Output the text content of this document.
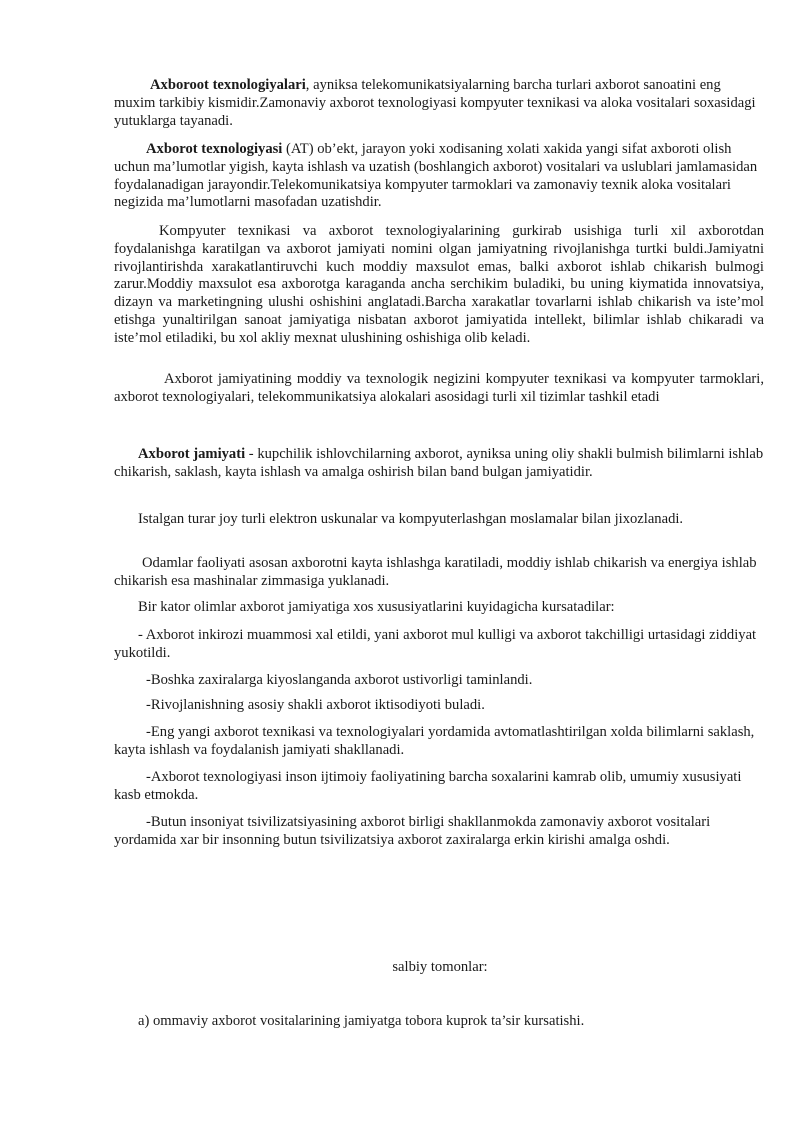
Axboroot texnologiyalari, ayniksa telekomunikatsiyalarning barcha turlari axborot sanoatini eng muxim tarkibiy kismidir.Zamonaviy axborot texnologiyasi kompyuter texnikasi va aloka vositalari soxasidagi yutuklarga tayanadi.

Axborot texnologiyasi (AT) ob’ekt, jarayon yoki xodisaning xolati xakida yangi sifat axboroti olish uchun ma’lumotlar yigish, kayta ishlash va uzatish (boshlangich axborot) vositalari va uslublari jamlamasidan foydalanadigan jarayondir.Telekomunikatsiya kompyuter tarmoklari va zamonaviy texnik aloka vositalari negizida ma’lumotlarni masofadan uzatishdir.

Kompyuter texnikasi va axborot texnologiyalarining gurkirab usishiga turli xil axborotdan foydalanishga karatilgan va axborot jamiyati nomini olgan jamiyatning rivojlanishga turtki buldi.Jamiyatni rivojlantirishda xarakatlantiruvchi kuch moddiy maxsulot emas, balki axborot ishlab chikarish bulmogi zarur.Moddiy maxsulot esa axborotga karaganda ancha serchikim buladiki, bu uning kiymatida innovatsiya, dizayn va marketingning ulushi oshishini anglatadi.Barcha xarakatlar tovarlarni ishlab chikarish va iste’mol etishga yunaltirilgan sanoat jamiyatiga nisbatan axborot jamiyatida intellekt, bilimlar ishlab chikaradi va iste’mol etiladiki, bu xol akliy mexnat ulushining oshishiga olib keladi.

Axborot jamiyatining moddiy va texnologik negizini kompyuter texnikasi va kompyuter tarmoklari, axborot texnologiyalari, telekommunikatsiya alokalari asosidagi turli xil tizimlar tashkil etadi

Axborot jamiyati - kupchilik ishlovchilarning axborot, ayniksa uning oliy shakli bulmish bilimlarni ishlab chikarish, saklash, kayta ishlash va amalga oshirish bilan band bulgan jamiyatidir.

Istalgan turar joy turli elektron uskunalar va kompyuterlashgan moslamalar bilan jixozlanadi.

Odamlar faoliyati asosan axborotni kayta ishlashga karatiladi, moddiy ishlab chikarish va energiya ishlab chikarish esa mashinalar zimmasiga yuklanadi.

Bir kator olimlar axborot jamiyatiga xos xususiyatlarini kuyidagicha kursatadilar:

- Axborot inkirozi muammosi xal etildi, yani axborot mul kulligi va axborot takchilligi urtasidagi ziddiyat yukotildi.

-Boshka zaxiralarga kiyoslanganda axborot ustivorligi taminlandi.

-Rivojlanishning asosiy shakli axborot iktisodiyoti buladi.

-Eng yangi axborot texnikasi va texnologiyalari yordamida avtomatlashtirilgan xolda bilimlarni saklash, kayta ishlash va foydalanish jamiyati shakllanadi.

-Axborot texnologiyasi inson ijtimoiy faoliyatining barcha soxalarini kamrab olib, umumiy xususiyati kasb etmokda.

-Butun insoniyat tsivilizatsiyasining axborot birligi shakllanmokda zamonaviy axborot vositalari yordamida xar bir insonning butun tsivilizatsiya axborot zaxiralarga erkin kirishi amalga oshdi.

salbiy tomonlar:

a) ommaviy axborot vositalarining jamiyatga tobora kuprok ta’sir kursatishi.
